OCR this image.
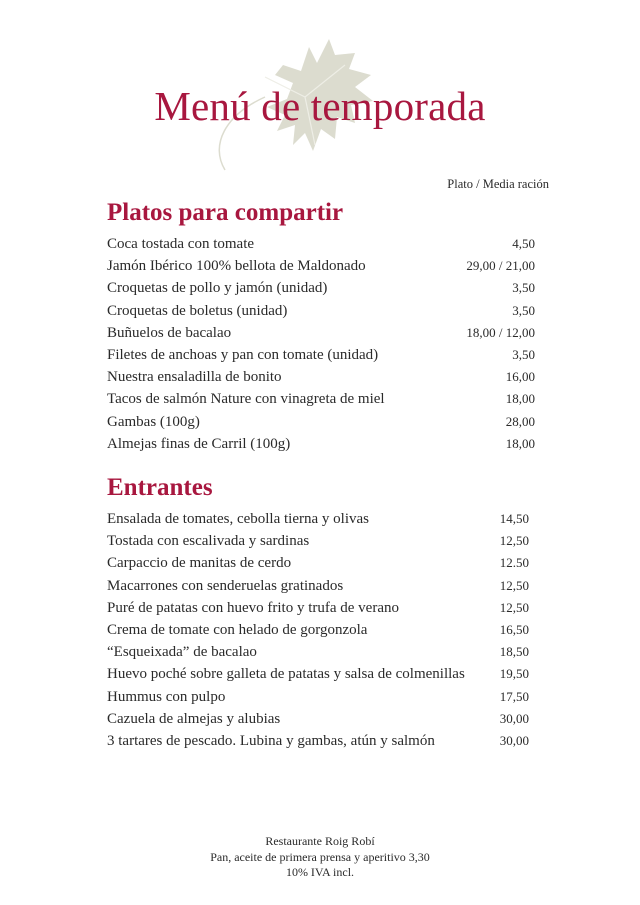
Menú de temporada
Plato / Media ración
Platos para compartir
Coca tostada con tomate	4,50
Jamón Ibérico 100% bellota de Maldonado	29,00 / 21,00
Croquetas de pollo y jamón (unidad)	3,50
Croquetas de boletus (unidad)	3,50
Buñuelos de bacalao	18,00 / 12,00
Filetes de anchoas y pan con tomate (unidad)	3,50
Nuestra ensaladilla de bonito	16,00
Tacos de salmón Nature con vinagreta de miel	18,00
Gambas (100g)	28,00
Almejas finas de Carril (100g)	18,00
Entrantes
Ensalada de tomates, cebolla tierna y olivas	14,50
Tostada con escalivada y sardinas	12,50
Carpaccio de manitas de cerdo	12.50
Macarrones con senderuelas gratinados	12,50
Puré de patatas con huevo frito y trufa de verano	12,50
Crema de tomate con helado de gorgonzola	16,50
“Esqueixada” de bacalao	18,50
Huevo poché sobre galleta de patatas y salsa de colmenillas	19,50
Hummus con pulpo	17,50
Cazuela de almejas y alubias	30,00
3 tartares de pescado. Lubina y gambas, atún y salmón	30,00
Restaurante Roig Robí
Pan, aceite de primera prensa y aperitivo 3,30
10% IVA incl.
